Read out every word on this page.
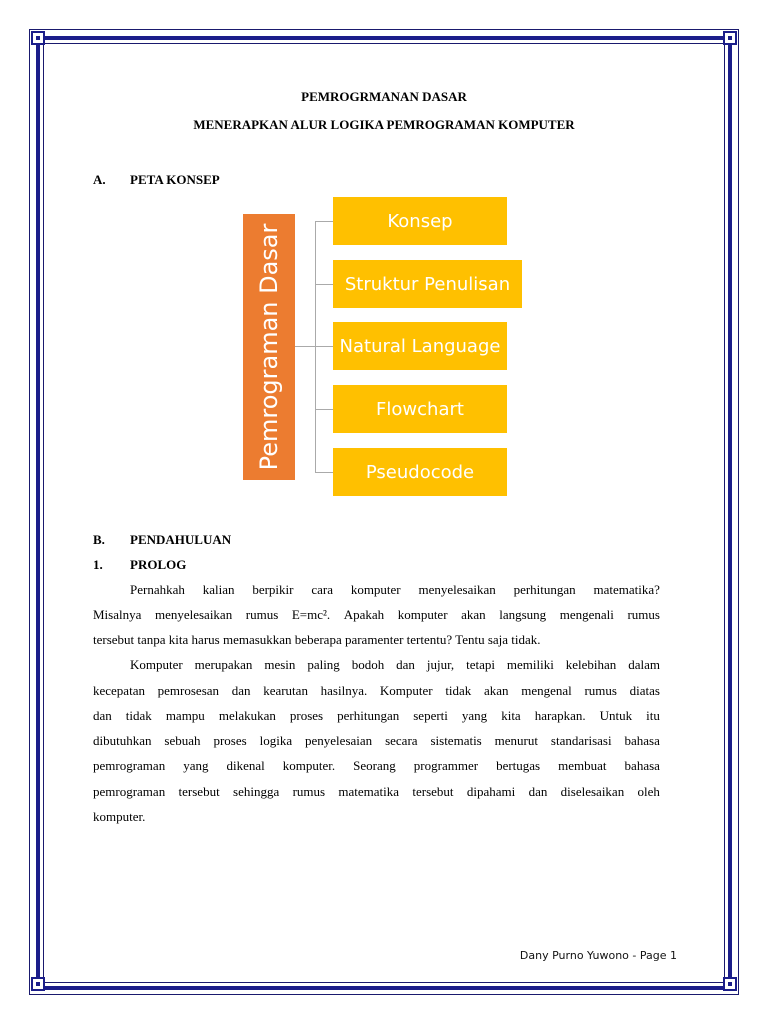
PEMROGRMANAN DASAR
MENERAPKAN ALUR LOGIKA PEMROGRAMAN KOMPUTER
A. PETA KONSEP
Pemrograman Dasar
Konsep
Struktur Penulisan
Natural Language
Flowchart
Pseudocode
B. PENDAHULUAN
1. PROLOG
Pernahkah kalian berpikir cara komputer menyelesaikan perhitungan matematika?
Misalnya menyelesaikan rumus E=mc². Apakah komputer akan langsung mengenali rumus
tersebut tanpa kita harus memasukkan beberapa paramenter tertentu? Tentu saja tidak.
Komputer merupakan mesin paling bodoh dan jujur, tetapi memiliki kelebihan dalam
kecepatan pemrosesan dan kearutan hasilnya. Komputer tidak akan mengenal rumus diatas
dan tidak mampu melakukan proses perhitungan seperti yang kita harapkan. Untuk itu
dibutuhkan sebuah proses logika penyelesaian secara sistematis menurut standarisasi bahasa
pemrograman yang dikenal komputer. Seorang programmer bertugas membuat bahasa
pemrograman tersebut sehingga rumus matematika tersebut dipahami dan diselesaikan oleh
komputer.
Dany Purno Yuwono - Page 1
